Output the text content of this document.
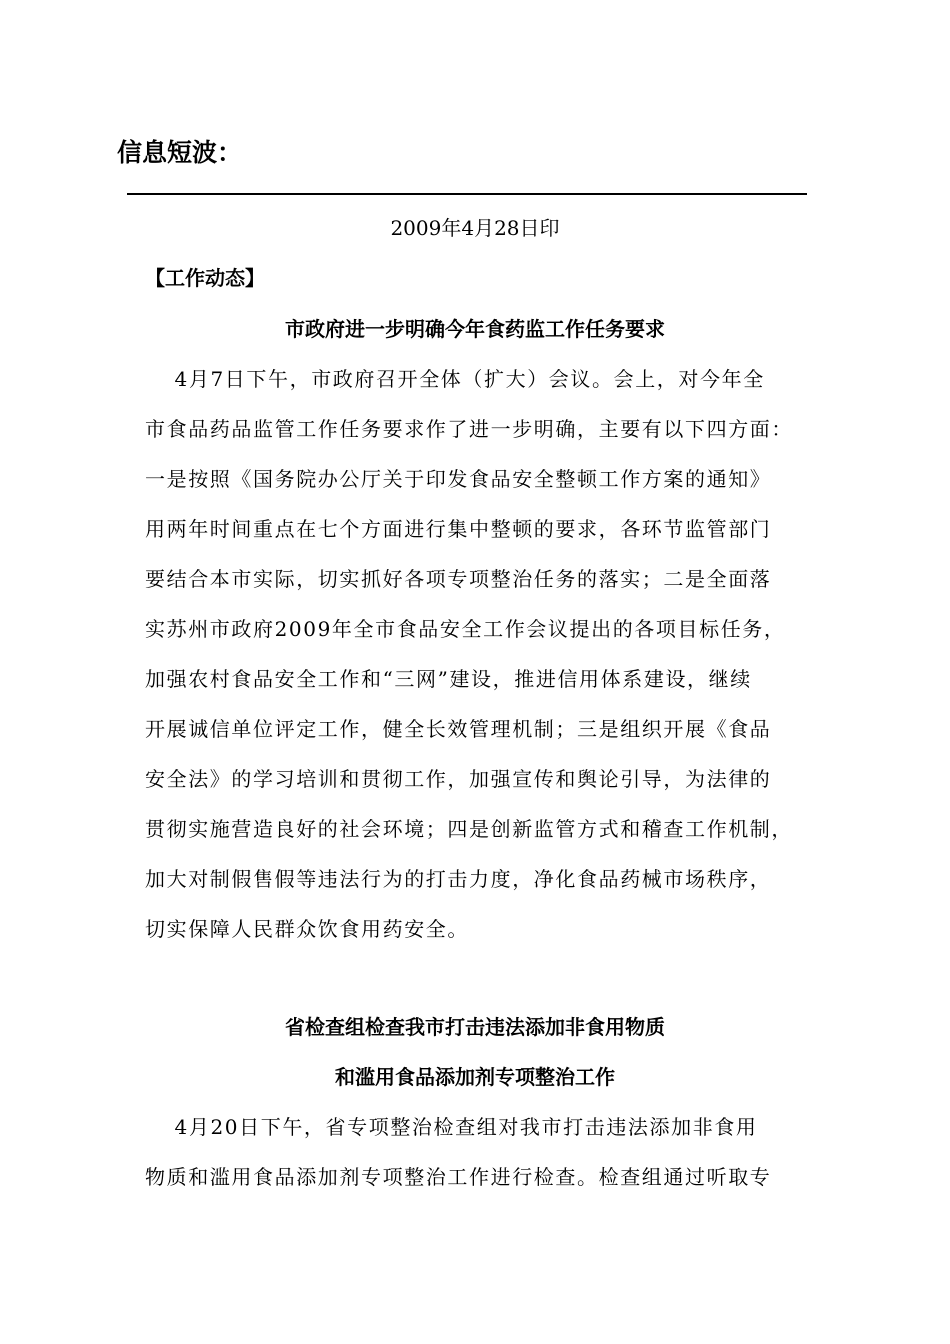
信息短波：
2009年4月28日印
【工作动态】
市政府进一步明确今年食药监工作任务要求
　 4月7日下午，市政府召开全体（扩大）会议。会上，对今年全
市食品药品监管工作任务要求作了进一步明确，主要有以下四方面：
一是按照《国务院办公厅关于印发食品安全整顿工作方案的通知》
用两年时间重点在七个方面进行集中整顿的要求，各环节监管部门
要结合本市实际，切实抓好各项专项整治任务的落实；二是全面落
实苏州市政府2009年全市食品安全工作会议提出的各项目标任务，
加强农村食品安全工作和“三网”建设，推进信用体系建设，继续
开展诚信单位评定工作，健全长效管理机制；三是组织开展《食品
安全法》的学习培训和贯彻工作，加强宣传和舆论引导，为法律的
贯彻实施营造良好的社会环境；四是创新监管方式和稽查工作机制，
加大对制假售假等违法行为的打击力度，净化食品药械市场秩序，
切实保障人民群众饮食用药安全。
省检查组检查我市打击违法添加非食用物质
和滥用食品添加剂专项整治工作
　 4月20日下午，省专项整治检查组对我市打击违法添加非食用
物质和滥用食品添加剂专项整治工作进行检查。检查组通过听取专
